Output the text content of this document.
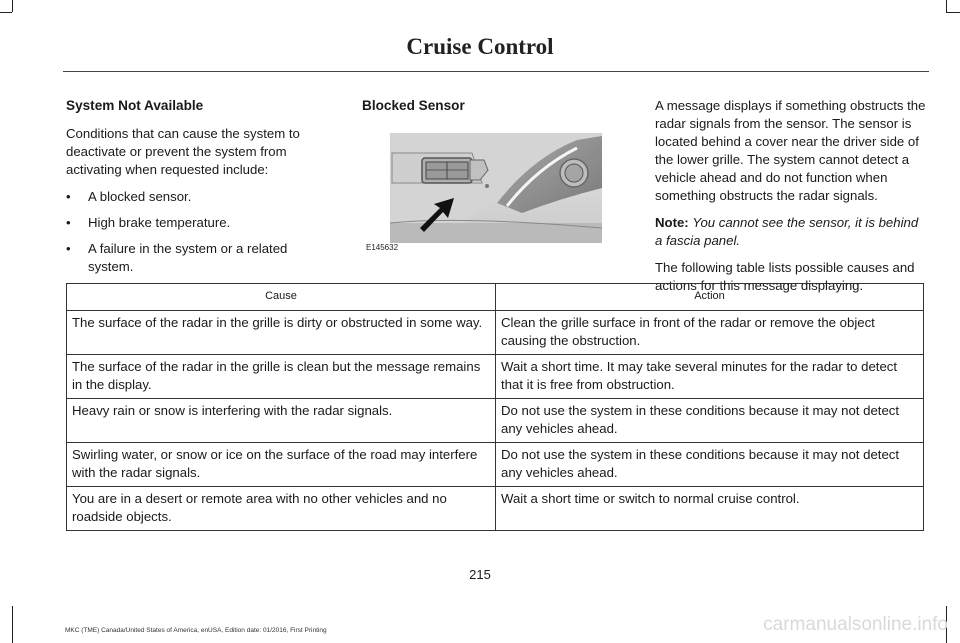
Cruise Control
System Not Available

Conditions that can cause the system to deactivate or prevent the system from activating when requested include:

• A blocked sensor.
• High brake temperature.
• A failure in the system or a related system.
Blocked Sensor
E145632

A message displays if something obstructs the radar signals from the sensor. The sensor is located behind a cover near the driver side of the lower grille. The system cannot detect a vehicle ahead and do not function when something obstructs the radar signals.

Note: You cannot see the sensor, it is behind a fascia panel.

The following table lists possible causes and actions for this message displaying.

Cause	Action
The surface of the radar in the grille is dirty or obstructed in some way.	Clean the grille surface in front of the radar or remove the object causing the obstruction.
The surface of the radar in the grille is clean but the message remains in the display.	Wait a short time. It may take several minutes for the radar to detect that it is free from obstruction.
Heavy rain or snow is interfering with the radar signals.	Do not use the system in these conditions because it may not detect any vehicles ahead.
Swirling water, or snow or ice on the surface of the road may interfere with the radar signals.	Do not use the system in these conditions because it may not detect any vehicles ahead.
You are in a desert or remote area with no other vehicles and no roadside objects.	Wait a short time or switch to normal cruise control.
215
MKC (TME) Canada/United States of America, enUSA, Edition date: 01/2016, First Printing	carmanualsonline.info
